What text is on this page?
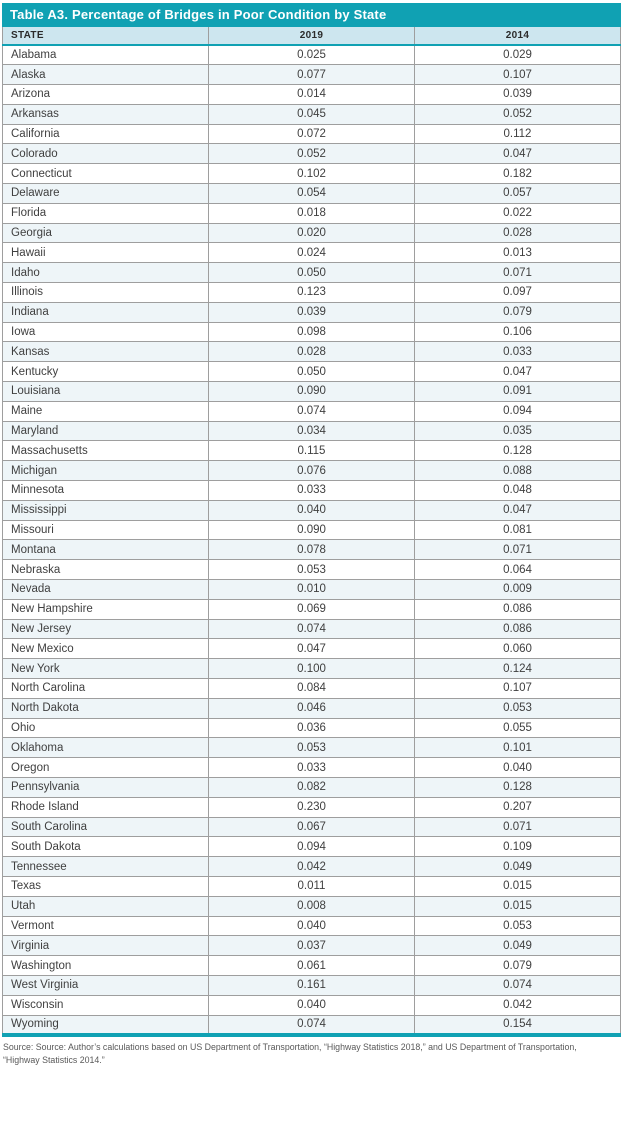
Table A3. Percentage of Bridges in Poor Condition by State
STATE	2019	2014
Alabama	0.025	0.029
Alaska	0.077	0.107
Arizona	0.014	0.039
Arkansas	0.045	0.052
California	0.072	0.112
Colorado	0.052	0.047
Connecticut	0.102	0.182
Delaware	0.054	0.057
Florida	0.018	0.022
Georgia	0.020	0.028
Hawaii	0.024	0.013
Idaho	0.050	0.071
Illinois	0.123	0.097
Indiana	0.039	0.079
Iowa	0.098	0.106
Kansas	0.028	0.033
Kentucky	0.050	0.047
Louisiana	0.090	0.091
Maine	0.074	0.094
Maryland	0.034	0.035
Massachusetts	0.115	0.128
Michigan	0.076	0.088
Minnesota	0.033	0.048
Mississippi	0.040	0.047
Missouri	0.090	0.081
Montana	0.078	0.071
Nebraska	0.053	0.064
Nevada	0.010	0.009
New Hampshire	0.069	0.086
New Jersey	0.074	0.086
New Mexico	0.047	0.060
New York	0.100	0.124
North Carolina	0.084	0.107
North Dakota	0.046	0.053
Ohio	0.036	0.055
Oklahoma	0.053	0.101
Oregon	0.033	0.040
Pennsylvania	0.082	0.128
Rhode Island	0.230	0.207
South Carolina	0.067	0.071
South Dakota	0.094	0.109
Tennessee	0.042	0.049
Texas	0.011	0.015
Utah	0.008	0.015
Vermont	0.040	0.053
Virginia	0.037	0.049
Washington	0.061	0.079
West Virginia	0.161	0.074
Wisconsin	0.040	0.042
Wyoming	0.074	0.154

Source: Source: Author’s calculations based on US Department of Transportation, “Highway Statistics 2018,” and US Department of Transportation, “Highway Statistics 2014.”
